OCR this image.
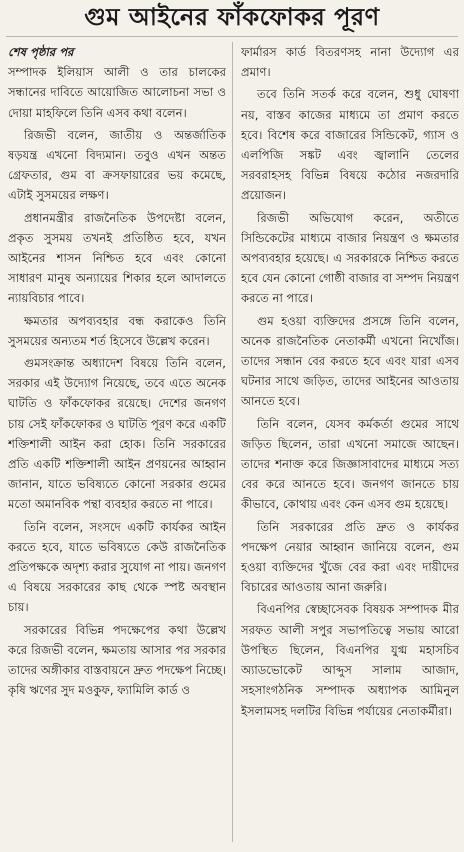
গুম আইনের ফাঁকফোকর পূরণ

শেষ পৃষ্ঠার পর
সম্পাদক ইলিয়াস আলী ও তার চালকের সন্ধানের দাবিতে আয়োজিত আলোচনা সভা ও দোয়া মাহফিলে তিনি এসব কথা বলেন।

রিজভী বলেন, জাতীয় ও অন্তর্জাতিক ষড়যন্ত্র এখনো বিদ্যমান। তবুও এখন অন্তত গ্রেফতার, গুম বা ক্রসফায়ারের ভয় কমেছে, এটাই সুসময়ের লক্ষণ।

প্রধানমন্ত্রীর রাজনৈতিক উপদেষ্টা বলেন, প্রকৃত সুসময় তখনই প্রতিষ্ঠিত হবে, যখন আইনের শাসন নিশ্চিত হবে এবং কোনো সাধারণ মানুষ অন্যায়ের শিকার হলে আদালতে ন্যায়বিচার পাবে।

ক্ষমতার অপব্যবহার বন্ধ করাকেও তিনি সুসময়ের অন্যতম শর্ত হিসেবে উল্লেখ করেন।

গুমসংক্রান্ত অধ্যাদেশ বিষয়ে তিনি বলেন, সরকার এই উদ্যোগ নিয়েছে, তবে এতে অনেক ঘাটতি ও ফাঁকফোকর রয়েছে। দেশের জনগণ চায় সেই ফাঁকফোকর ও ঘাটতি পূরণ করে একটি শক্তিশালী আইন করা হোক। তিনি সরকারের প্রতি একটি শক্তিশালী আইন প্রণয়নের আহ্বান জানান, যাতে ভবিষ্যতে কোনো সরকার গুমের মতো অমানবিক পন্থা ব্যবহার করতে না পারে।

তিনি বলেন, সংসদে একটি কার্যকর আইন করতে হবে, যাতে ভবিষ্যতে কেউ রাজনৈতিক প্রতিপক্ষকে অদৃশ্য করার সুযোগ না পায়। জনগণ এ বিষয়ে সরকারের কাছ থেকে স্পষ্ট অবস্থান চায়।

সরকারের বিভিন্ন পদক্ষেপের কথা উল্লেখ করে রিজভী বলেন, ক্ষমতায় আসার পর সরকার তাদের অঙ্গীকার বাস্তবায়নে দ্রুত পদক্ষেপ নিচ্ছে। কৃষি ঋণের সুদ মওকুফ, ফ্যামিলি কার্ড ও

ফার্মারস কার্ড বিতরণসহ নানা উদ্যোগ এর প্রমাণ।

তবে তিনি সতর্ক করে বলেন, শুধু ঘোষণা নয়, বাস্তব কাজের মাধ্যমে তা প্রমাণ করতে হবে। বিশেষ করে বাজারের সিন্ডিকেট, গ্যাস ও এলপিজি সঙ্কট এবং জ্বালানি তেলের সরবরাহসহ বিভিন্ন বিষয়ে কঠোর নজরদারি প্রয়োজন।

রিজভী অভিযোগ করেন, অতীতে সিন্ডিকেটের মাধ্যমে বাজার নিয়ন্ত্রণ ও ক্ষমতার অপব্যবহার হয়েছে। এ সরকারকে নিশ্চিত করতে হবে যেন কোনো গোষ্ঠী বাজার বা সম্পদ নিয়ন্ত্রণ করতে না পারে।

গুম হওয়া ব্যক্তিদের প্রসঙ্গে তিনি বলেন, অনেক রাজনৈতিক নেতাকর্মী এখনো নিখোঁজ। তাদের সন্ধান বের করতে হবে এবং যারা এসব ঘটনার সাথে জড়িত, তাদের আইনের আওতায় আনতে হবে।

তিনি বলেন, যেসব কর্মকর্তা গুমের সাথে জড়িত ছিলেন, তারা এখনো সমাজে আছেন। তাদের শনাক্ত করে জিজ্ঞাসাবাদের মাধ্যমে সত্য বের করে আনতে হবে। জনগণ জানতে চায় কীভাবে, কোথায় এবং কেন এসব গুম হয়েছে।

তিনি সরকারের প্রতি দ্রুত ও কার্যকর পদক্ষেপ নেয়ার আহ্বান জানিয়ে বলেন, গুম হওয়া ব্যক্তিদের খুঁজে বের করা এবং দায়ীদের বিচারের আওতায় আনা জরুরি।

বিএনপির স্বেচ্ছাসেবক বিষয়ক সম্পাদক মীর সরফত আলী সপুর সভাপতিত্বে সভায় আরো উপস্থিত ছিলেন, বিএনপির যুগ্ম মহাসচিব অ্যাডভোকেট আব্দুস সালাম আজাদ, সহসাংগঠনিক সম্পাদক অধ্যাপক আমিনুল ইসলামসহ দলটির বিভিন্ন পর্যায়ের নেতাকর্মীরা।
